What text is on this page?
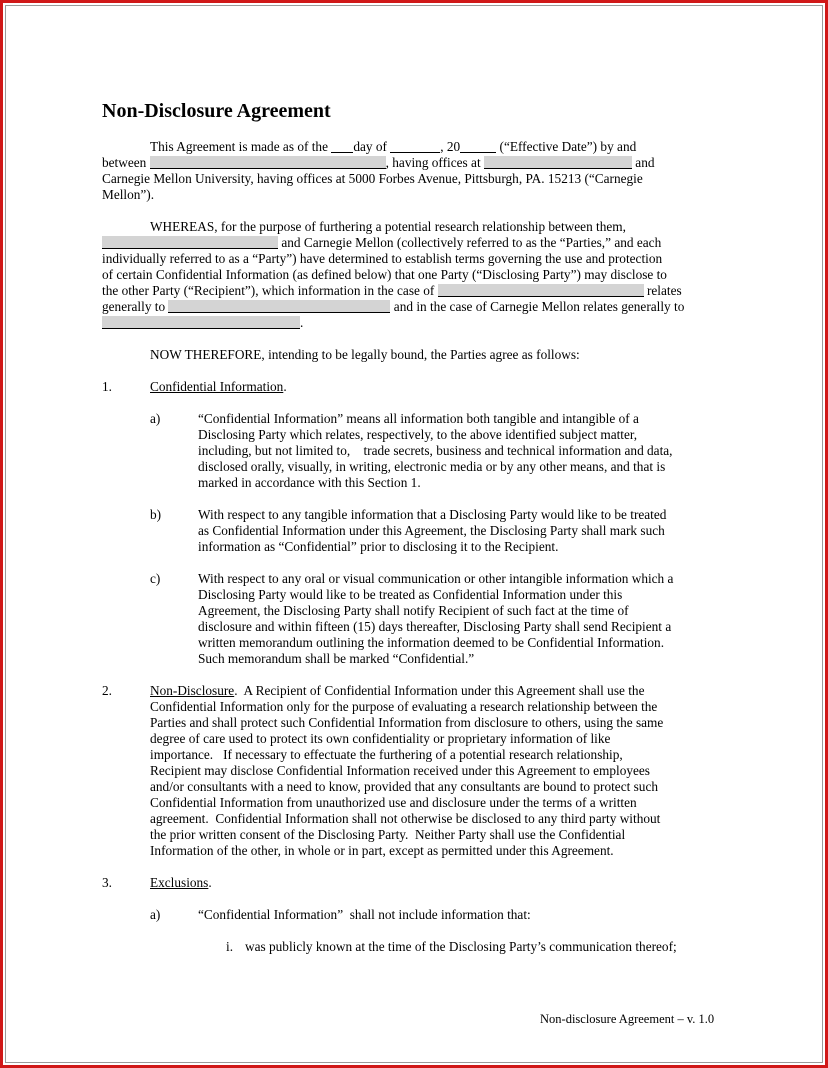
Non-Disclosure Agreement
This Agreement is made as of the day of	, 20	(“Effective Date”) by and
between	, having offices at	and
Carnegie Mellon University, having offices at 5000 Forbes Avenue, Pittsburgh, PA. 15213 (“Carnegie
Mellon”).
WHEREAS, for the purpose of furthering a potential research relationship between them,
and Carnegie Mellon (collectively referred to as the “Parties,” and each
individually referred to as a “Party”) have determined to establish terms governing the use and protection
of certain Confidential Information (as defined below) that one Party (“Disclosing Party”) may disclose to
the other Party (“Recipient”), which information in the case of	relates
generally to	and in the case of Carnegie Mellon relates generally to
.
NOW THEREFORE, intending to be legally bound, the Parties agree as follows:
1.	Confidential Information.
a)	“Confidential Information” means all information both tangible and intangible of a
Disclosing Party which relates, respectively, to the above identified subject matter,
including, but not limited to,    trade secrets, business and technical information and data,
disclosed orally, visually, in writing, electronic media or by any other means, and that is
marked in accordance with this Section 1.
b)	With respect to any tangible information that a Disclosing Party would like to be treated
as Confidential Information under this Agreement, the Disclosing Party shall mark such
information as “Confidential” prior to disclosing it to the Recipient.
c)	With respect to any oral or visual communication or other intangible information which a
Disclosing Party would like to be treated as Confidential Information under this
Agreement, the Disclosing Party shall notify Recipient of such fact at the time of
disclosure and within fifteen (15) days thereafter, Disclosing Party shall send Recipient a
written memorandum outlining the information deemed to be Confidential Information.
Such memorandum shall be marked “Confidential.”
2.	Non-Disclosure.  A Recipient of Confidential Information under this Agreement shall use the
Confidential Information only for the purpose of evaluating a research relationship between the
Parties and shall protect such Confidential Information from disclosure to others, using the same
degree of care used to protect its own confidentiality or proprietary information of like
importance.   If necessary to effectuate the furthering of a potential research relationship,
Recipient may disclose Confidential Information received under this Agreement to employees
and/or consultants with a need to know, provided that any consultants are bound to protect such
Confidential Information from unauthorized use and disclosure under the terms of a written
agreement.  Confidential Information shall not otherwise be disclosed to any third party without
the prior written consent of the Disclosing Party.  Neither Party shall use the Confidential
Information of the other, in whole or in part, except as permitted under this Agreement.
3.	Exclusions.
a)	“Confidential Information”  shall not include information that:
i. was publicly known at the time of the Disclosing Party’s communication thereof;
Non-disclosure Agreement – v. 1.0
